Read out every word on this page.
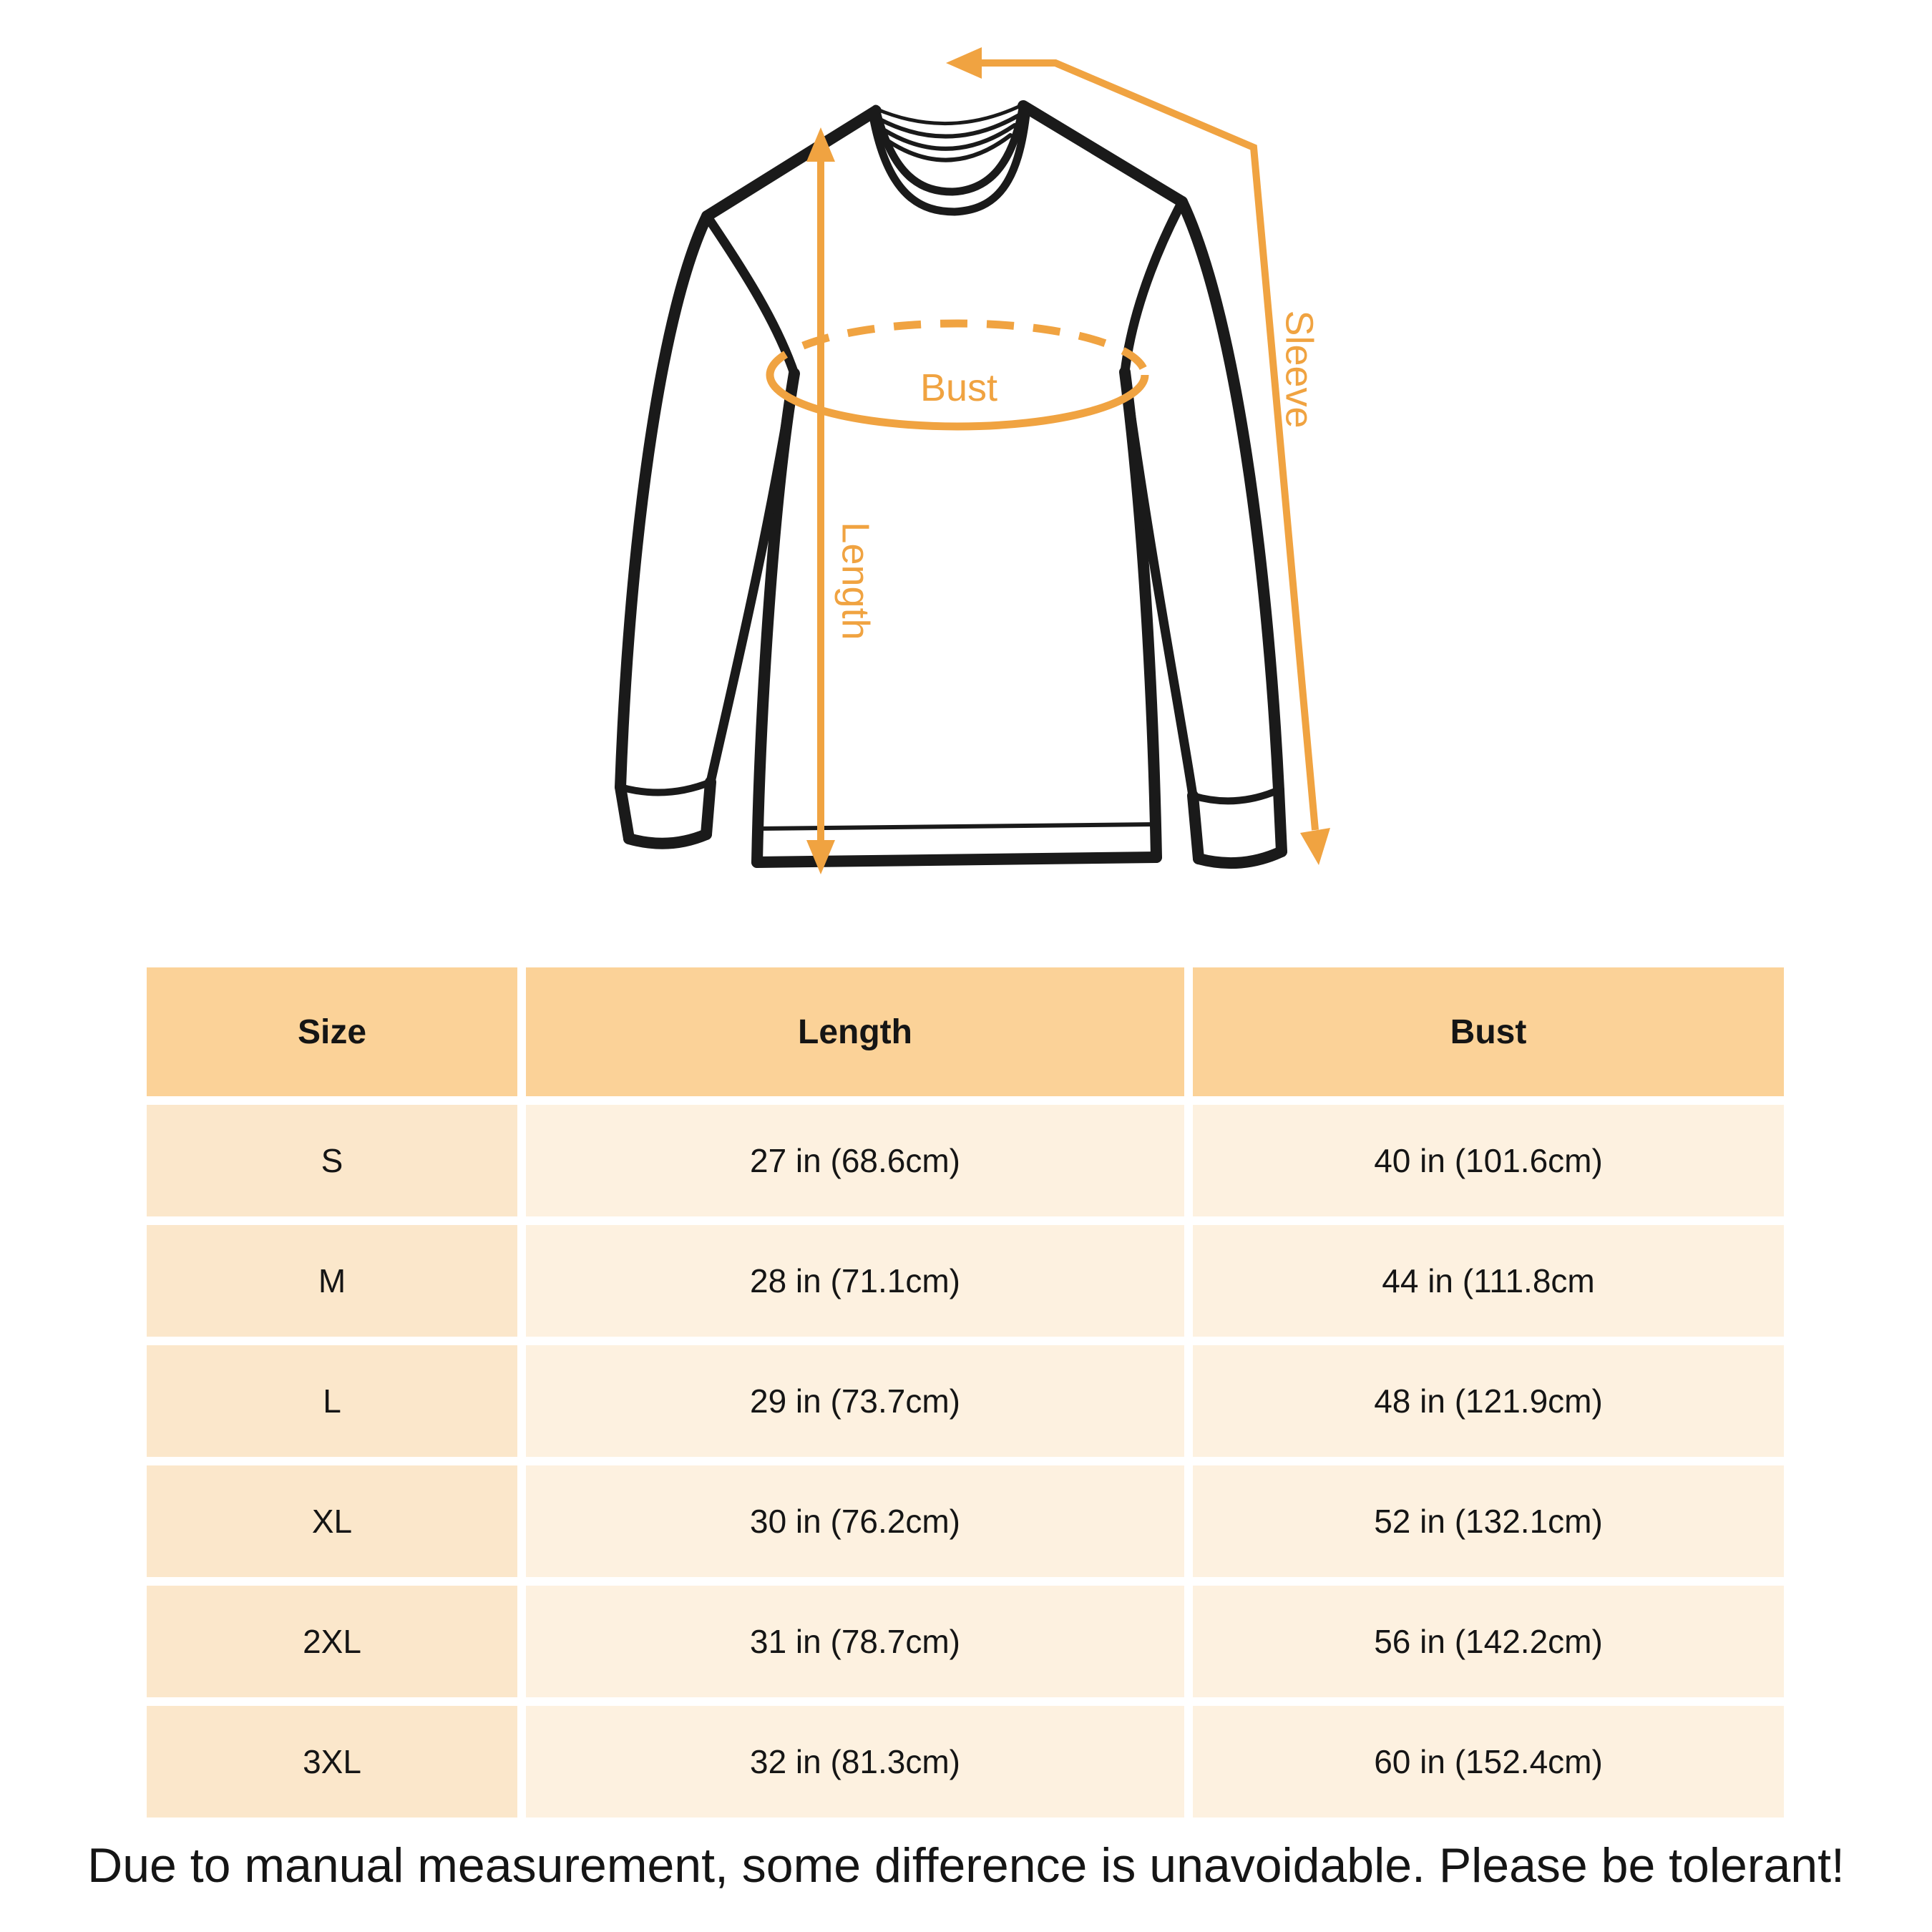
Bust
Length
Sleeve
Size	Length	Bust
S	27 in (68.6cm)	40 in (101.6cm)
M	28 in (71.1cm)	44 in (111.8cm
L	29 in (73.7cm)	48 in (121.9cm)
XL	30 in (76.2cm)	52 in (132.1cm)
2XL	31 in (78.7cm)	56 in (142.2cm)
3XL	32 in (81.3cm)	60 in (152.4cm)
Due to manual measurement, some difference is unavoidable. Please be tolerant!
